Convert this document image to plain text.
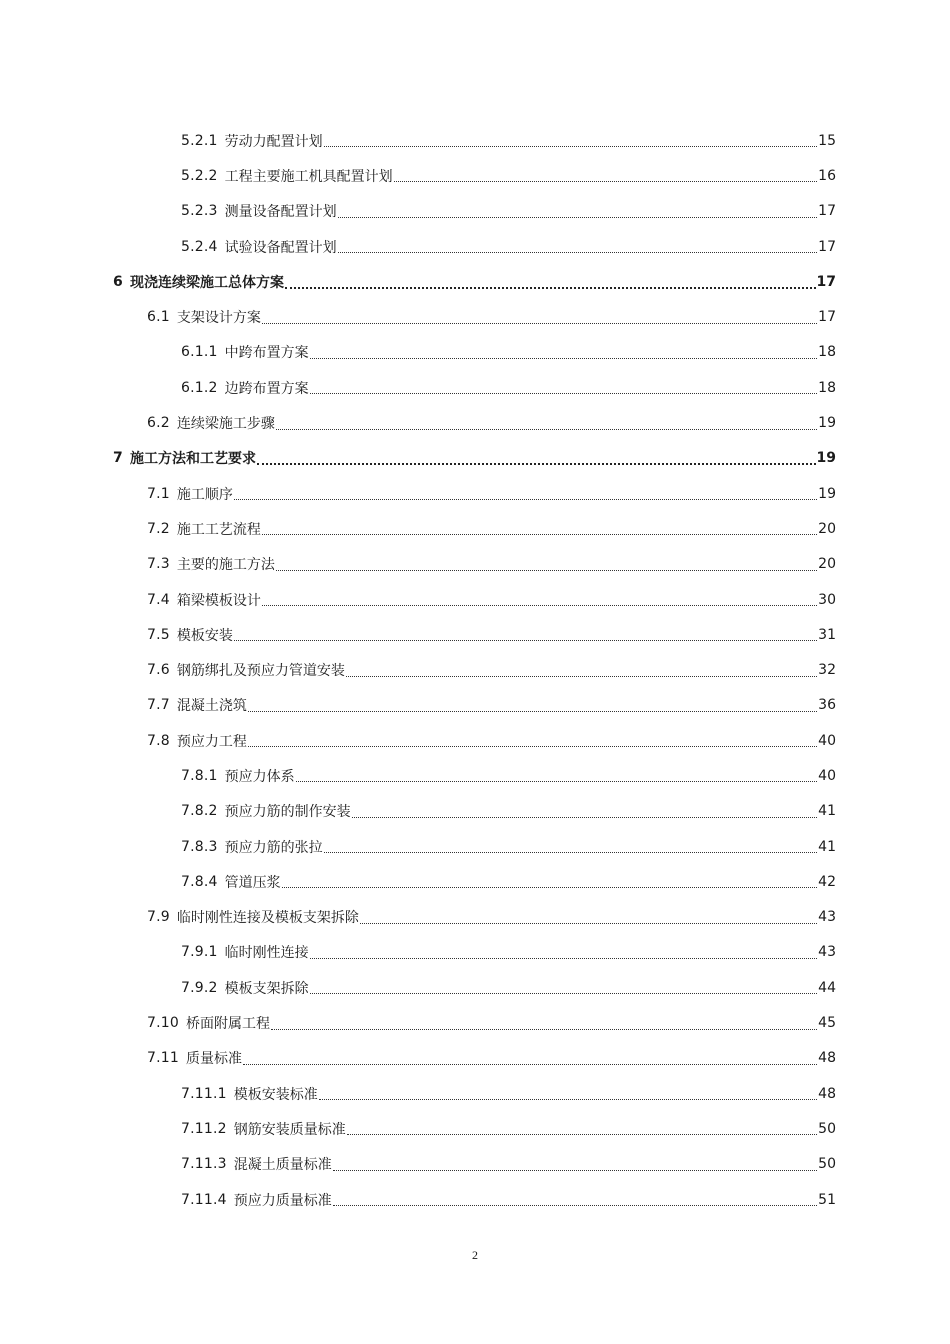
5.2.1 劳动力配置计划	15
5.2.2 工程主要施工机具配置计划	16
5.2.3 测量设备配置计划	17
5.2.4 试验设备配置计划	17
6 现浇连续梁施工总体方案	17
6.1 支架设计方案	17
6.1.1 中跨布置方案	18
6.1.2 边跨布置方案	18
6.2 连续梁施工步骤	19
7 施工方法和工艺要求	19
7.1 施工顺序	19
7.2 施工工艺流程	20
7.3 主要的施工方法	20
7.4 箱梁模板设计	30
7.5 模板安装	31
7.6 钢筋绑扎及预应力管道安装	32
7.7 混凝土浇筑	36
7.8 预应力工程	40
7.8.1 预应力体系	40
7.8.2 预应力筋的制作安装	41
7.8.3 预应力筋的张拉	41
7.8.4 管道压浆	42
7.9 临时刚性连接及模板支架拆除	43
7.9.1 临时刚性连接	43
7.9.2 模板支架拆除	44
7.10 桥面附属工程	45
7.11 质量标准	48
7.11.1 模板安装标准	48
7.11.2 钢筋安装质量标准	50
7.11.3 混凝土质量标准	50
7.11.4 预应力质量标准	51
2
